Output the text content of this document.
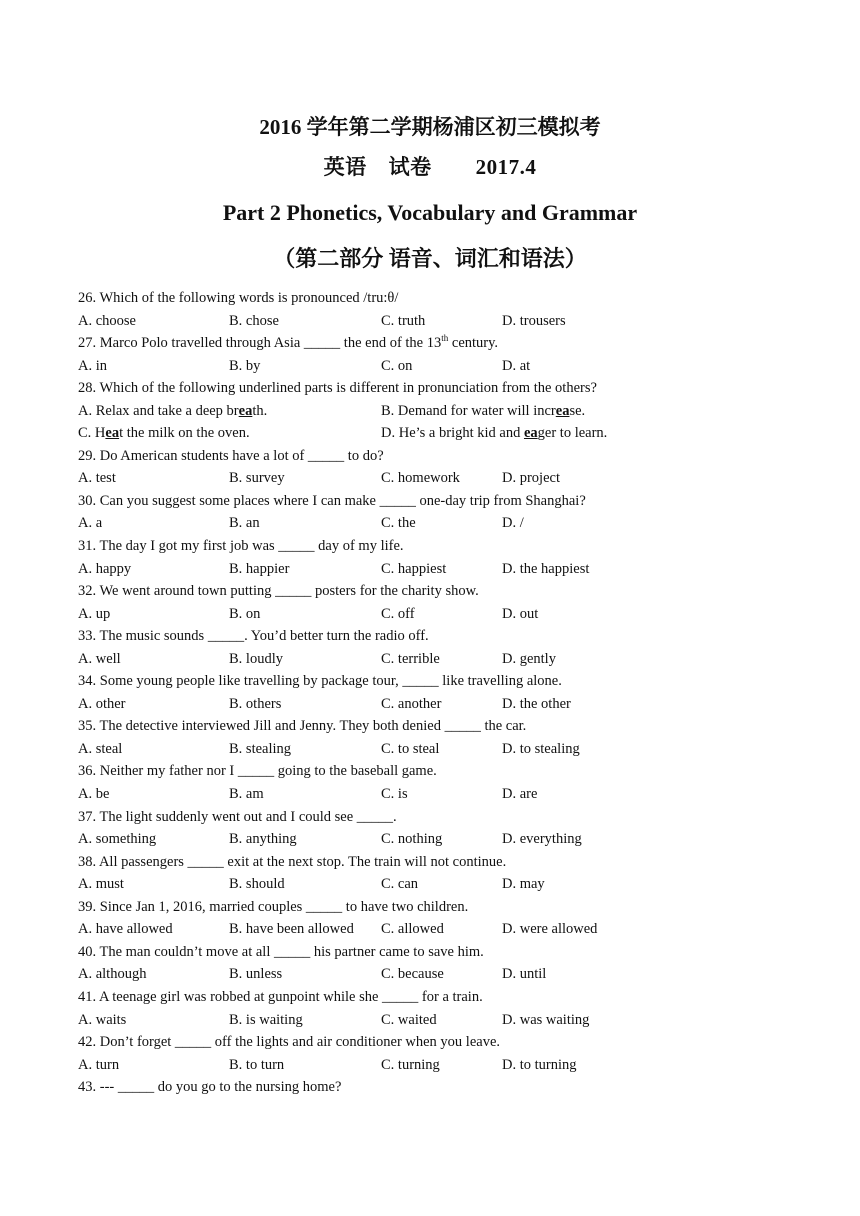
2016 学年第二学期杨浦区初三模拟考
英语 试卷 2017.4
Part 2 Phonetics, Vocabulary and Grammar
（第二部分 语音、词汇和语法）
26. Which of the following words is pronounced /tru:θ/
A. choose	B. chose	C. truth	D. trousers
27. Marco Polo travelled through Asia _____ the end of the 13th century.
A. in	B. by	C. on	D. at
28. Which of the following underlined parts is different in pronunciation from the others?
A. Relax and take a deep breath.	B. Demand for water will increase.
C. Heat the milk on the oven.	D. He’s a bright kid and eager to learn.
29. Do American students have a lot of _____ to do?
A. test	B. survey	C. homework	D. project
30. Can you suggest some places where I can make _____ one-day trip from Shanghai?
A. a	B. an	C. the	D. /
31. The day I got my first job was _____ day of my life.
A. happy	B. happier	C. happiest	D. the happiest
32. We went around town putting _____ posters for the charity show.
A. up	B. on	C. off	D. out
33. The music sounds _____. You’d better turn the radio off.
A. well	B. loudly	C. terrible	D. gently
34. Some young people like travelling by package tour, _____ like travelling alone.
A. other	B. others	C. another	D. the other
35. The detective interviewed Jill and Jenny. They both denied _____ the car.
A. steal	B. stealing	C. to steal	D. to stealing
36. Neither my father nor I _____ going to the baseball game.
A. be	B. am	C. is	D. are
37. The light suddenly went out and I could see _____.
A. something	B. anything	C. nothing	D. everything
38. All passengers _____ exit at the next stop. The train will not continue.
A. must	B. should	C. can	D. may
39. Since Jan 1, 2016, married couples _____ to have two children.
A. have allowed	B. have been allowed	C. allowed	D. were allowed
40. The man couldn’t move at all _____ his partner came to save him.
A. although	B. unless	C. because	D. until
41. A teenage girl was robbed at gunpoint while she _____ for a train.
A. waits	B. is waiting	C. waited	D. was waiting
42. Don’t forget _____ off the lights and air conditioner when you leave.
A. turn	B. to turn	C. turning	D. to turning
43. --- _____ do you go to the nursing home?
